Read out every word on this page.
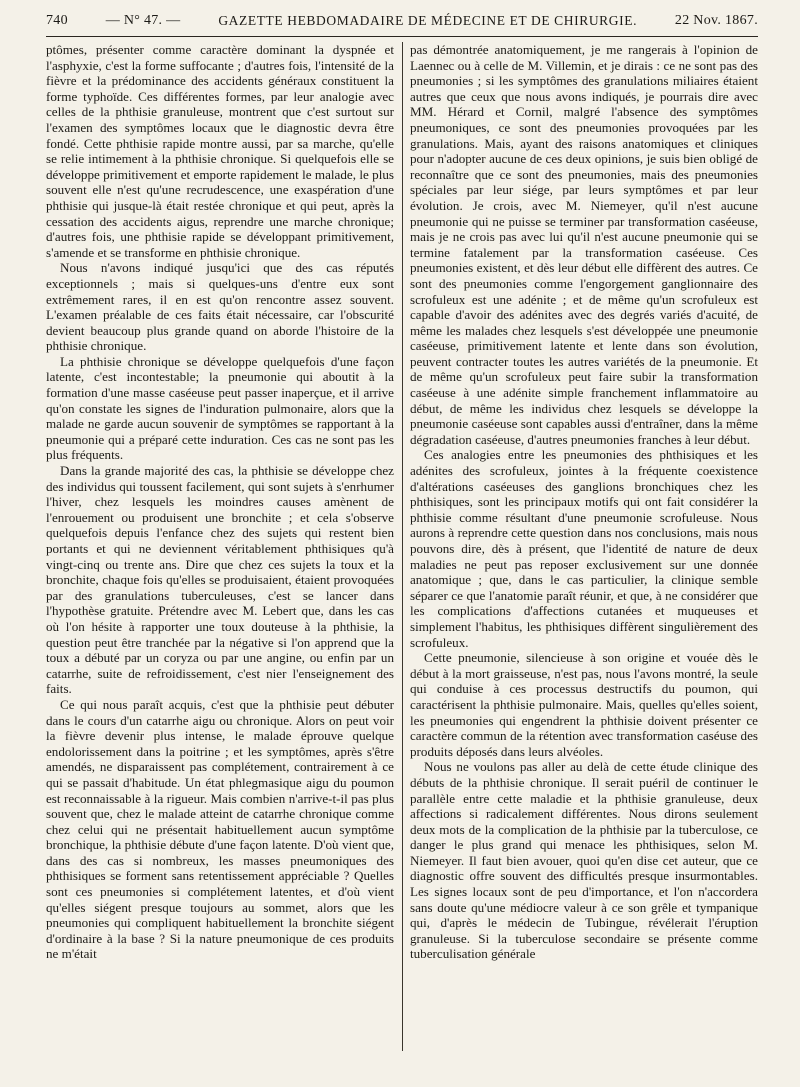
740	— N° 47. —	GAZETTE HEBDOMADAIRE DE MÉDECINE ET DE CHIRURGIE.	22 Nov. 1867.

ptômes, présenter comme caractère dominant la dyspnée et l'asphyxie, c'est la forme suffocante ; d'autres fois, l'intensité de la fièvre et la prédominance des accidents généraux constituent la forme typhoïde. Ces différentes formes, par leur analogie avec celles de la phthisie granuleuse, montrent que c'est surtout sur l'examen des symptômes locaux que le diagnostic devra être fondé. Cette phthisie rapide montre aussi, par sa marche, qu'elle se relie intimement à la phthisie chronique. Si quelquefois elle se développe primitivement et emporte rapidement le malade, le plus souvent elle n'est qu'une recrudescence, une exaspération d'une phthisie qui jusque-là était restée chronique et qui peut, après la cessation des accidents aigus, reprendre une marche chronique; d'autres fois, une phthisie rapide se développant primitivement, s'amende et se transforme en phthisie chronique.

Nous n'avons indiqué jusqu'ici que des cas réputés exceptionnels ; mais si quelques-uns d'entre eux sont extrêmement rares, il en est qu'on rencontre assez souvent. L'examen préalable de ces faits était nécessaire, car l'obscurité devient beaucoup plus grande quand on aborde l'histoire de la phthisie chronique.

La phthisie chronique se développe quelquefois d'une façon latente, c'est incontestable; la pneumonie qui aboutit à la formation d'une masse caséeuse peut passer inaperçue, et il arrive qu'on constate les signes de l'induration pulmonaire, alors que la malade ne garde aucun souvenir de symptômes se rapportant à la pneumonie qui a préparé cette induration. Ces cas ne sont pas les plus fréquents.

Dans la grande majorité des cas, la phthisie se développe chez des individus qui toussent facilement, qui sont sujets à s'enrhumer l'hiver, chez lesquels les moindres causes amènent de l'enrouement ou produisent une bronchite ; et cela s'observe quelquefois depuis l'enfance chez des sujets qui restent bien portants et qui ne deviennent véritablement phthisiques qu'à vingt-cinq ou trente ans. Dire que chez ces sujets la toux et la bronchite, chaque fois qu'elles se produisaient, étaient provoquées par des granulations tuberculeuses, c'est se lancer dans l'hypothèse gratuite. Prétendre avec M. Lebert que, dans les cas où l'on hésite à rapporter une toux douteuse à la phthisie, la question peut être tranchée par la négative si l'on apprend que la toux a débuté par un coryza ou par une angine, ou enfin par un catarrhe, suite de refroidissement, c'est nier l'enseignement des faits.

Ce qui nous paraît acquis, c'est que la phthisie peut débuter dans le cours d'un catarrhe aigu ou chronique. Alors on peut voir la fièvre devenir plus intense, le malade éprouve quelque endolorissement dans la poitrine ; et les symptômes, après s'être amendés, ne disparaissent pas complétement, contrairement à ce qui se passait d'habitude. Un état phlegmasique aigu du poumon est reconnaissable à la rigueur. Mais combien n'arrive-t-il pas plus souvent que, chez le malade atteint de catarrhe chronique comme chez celui qui ne présentait habituellement aucun symptôme bronchique, la phthisie débute d'une façon latente. D'où vient que, dans des cas si nombreux, les masses pneumoniques des phthisiques se forment sans retentissement appréciable ? Quelles sont ces pneumonies si complétement latentes, et d'où vient qu'elles siégent presque toujours au sommet, alors que les pneumonies qui compliquent habituellement la bronchite siégent d'ordinaire à la base ? Si la nature pneumonique de ces produits ne m'était

pas démontrée anatomiquement, je me rangerais à l'opinion de Laennec ou à celle de M. Villemin, et je dirais : ce ne sont pas des pneumonies ; si les symptômes des granulations miliaires étaient autres que ceux que nous avons indiqués, je pourrais dire avec MM. Hérard et Cornil, malgré l'absence des symptômes pneumoniques, ce sont des pneumonies provoquées par les granulations. Mais, ayant des raisons anatomiques et cliniques pour n'adopter aucune de ces deux opinions, je suis bien obligé de reconnaître que ce sont des pneumonies, mais des pneumonies spéciales par leur siége, par leurs symptômes et par leur évolution. Je crois, avec M. Niemeyer, qu'il n'est aucune pneumonie qui ne puisse se terminer par transformation caséeuse, mais je ne crois pas avec lui qu'il n'est aucune pneumonie qui se termine fatalement par la transformation caséeuse. Ces pneumonies existent, et dès leur début elle diffèrent des autres. Ce sont des pneumonies comme l'engorgement ganglionnaire des scrofuleux est une adénite ; et de même qu'un scrofuleux est capable d'avoir des adénites avec des degrés variés d'acuité, de même les malades chez lesquels s'est développée une pneumonie caséeuse, primitivement latente et lente dans son évolution, peuvent contracter toutes les autres variétés de la pneumonie. Et de même qu'un scrofuleux peut faire subir la transformation caséeuse à une adénite simple franchement inflammatoire au début, de même les individus chez lesquels se développe la pneumonie caséeuse sont capables aussi d'entraîner, dans la même dégradation caséeuse, d'autres pneumonies franches à leur début.

Ces analogies entre les pneumonies des phthisiques et les adénites des scrofuleux, jointes à la fréquente coexistence d'altérations caséeuses des ganglions bronchiques chez les phthisiques, sont les principaux motifs qui ont fait considérer la phthisie comme résultant d'une pneumonie scrofuleuse. Nous aurons à reprendre cette question dans nos conclusions, mais nous pouvons dire, dès à présent, que l'identité de nature de deux maladies ne peut pas reposer exclusivement sur une donnée anatomique ; que, dans le cas particulier, la clinique semble séparer ce que l'anatomie paraît réunir, et que, à ne considérer que les complications d'affections cutanées et muqueuses et simplement l'habitus, les phthisiques diffèrent singulièrement des scrofuleux.

Cette pneumonie, silencieuse à son origine et vouée dès le début à la mort graisseuse, n'est pas, nous l'avons montré, la seule qui conduise à ces processus destructifs du poumon, qui caractérisent la phthisie pulmonaire. Mais, quelles qu'elles soient, les pneumonies qui engendrent la phthisie doivent présenter ce caractère commun de la rétention avec transformation caséuse des produits déposés dans leurs alvéoles.

Nous ne voulons pas aller au delà de cette étude clinique des débuts de la phthisie chronique. Il serait puéril de continuer le parallèle entre cette maladie et la phthisie granuleuse, deux affections si radicalement différentes. Nous dirons seulement deux mots de la complication de la phthisie par la tuberculose, ce danger le plus grand qui menace les phthisiques, selon M. Niemeyer. Il faut bien avouer, quoi qu'en dise cet auteur, que ce diagnostic offre souvent des difficultés presque insurmontables. Les signes locaux sont de peu d'importance, et l'on n'accordera sans doute qu'une médiocre valeur à ce son grêle et tympanique qui, d'après le médecin de Tubingue, révélerait l'éruption granuleuse. Si la tuberculose secondaire se présente comme tuberculisation générale
